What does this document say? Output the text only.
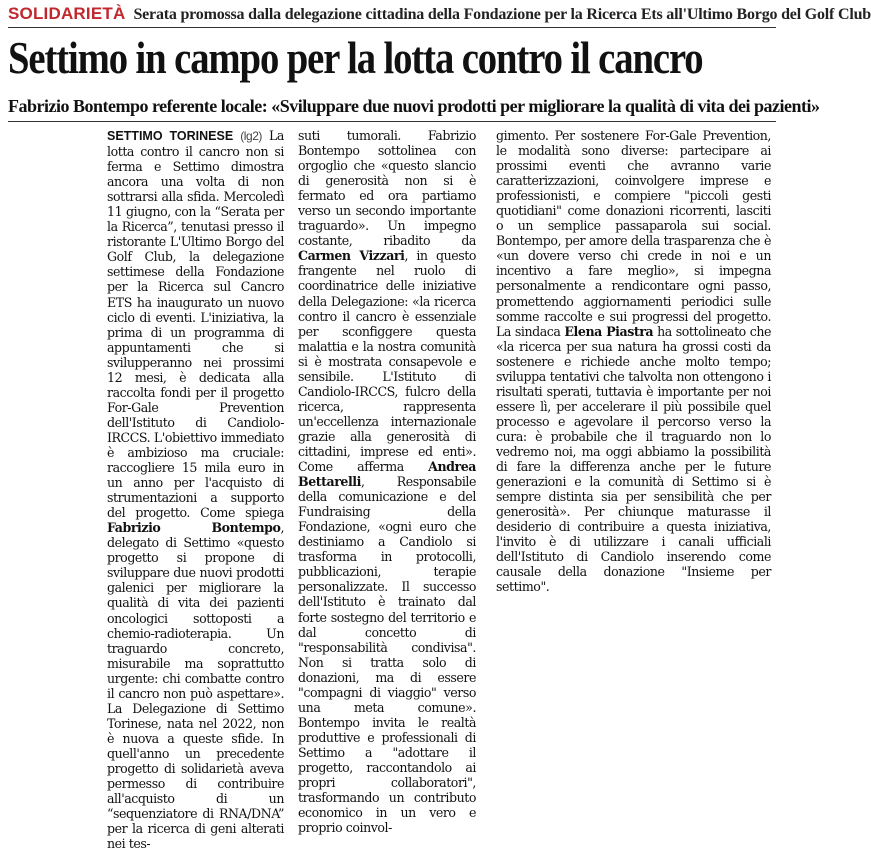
SOLIDARIETÀ Serata promossa dalla delegazione cittadina della Fondazione per la Ricerca Ets all'Ultimo Borgo del Golf Club
Settimo in campo per la lotta contro il cancro
Fabrizio Bontempo referente locale: «Sviluppare due nuovi prodotti per migliorare la qualità di vita dei pazienti»

SETTIMO TORINESE (lg2) La lotta contro il cancro non si ferma e Settimo dimostra ancora una volta di non sottrarsi alla sfida. Mercoledì 11 giugno, con la “Serata per la Ricerca”, tenutasi presso il ristorante L'Ultimo Borgo del Golf Club, la delegazione settimese della Fondazione per la Ricerca sul Cancro ETS ha inaugurato un nuovo ciclo di eventi. L'iniziativa, la prima di un programma di appuntamenti che si svilupperanno nei prossimi 12 mesi, è dedicata alla raccolta fondi per il progetto For-Gale Prevention dell'Istituto di Candiolo-IRCCS. L'obiettivo immediato è ambizioso ma cruciale: raccogliere 15 mila euro in un anno per l'acquisto di strumentazioni a supporto del progetto. Come spiega Fabrizio Bontempo, delegato di Settimo «questo progetto si propone di sviluppare due nuovi prodotti galenici per migliorare la qualità di vita dei pazienti oncologici sottoposti a chemio-radioterapia. Un traguardo concreto, misurabile ma soprattutto urgente: chi combatte contro il cancro non può aspettare». La Delegazione di Settimo Torinese, nata nel 2022, non è nuova a queste sfide. In quell'anno un precedente progetto di solidarietà aveva permesso di contribuire all'acquisto di un “sequenziatore di RNA/DNA” per la ricerca di geni alterati nei tes-

suti tumorali. Fabrizio Bontempo sottolinea con orgoglio che «questo slancio di generosità non si è fermato ed ora partiamo verso un secondo importante traguardo». Un impegno costante, ribadito da Carmen Vizzari, in questo frangente nel ruolo di coordinatrice delle iniziative della Delegazione: «la ricerca contro il cancro è essenziale per sconfiggere questa malattia e la nostra comunità si è mostrata consapevole e sensibile. L'Istituto di Candiolo-IRCCS, fulcro della ricerca, rappresenta un'eccellenza internazionale grazie alla generosità di cittadini, imprese ed enti». Come afferma Andrea Bettarelli, Responsabile della comunicazione e del Fundraising della Fondazione, «ogni euro che destiniamo a Candiolo si trasforma in protocolli, pubblicazioni, terapie personalizzate. Il successo dell'Istituto è trainato dal forte sostegno del territorio e dal concetto di "responsabilità condivisa". Non si tratta solo di donazioni, ma di essere "compagni di viaggio" verso una meta comune». Bontempo invita le realtà produttive e professionali di Settimo a "adottare il progetto, raccontandolo ai propri collaboratori", trasformando un contributo economico in un vero e proprio coinvol-

gimento. Per sostenere For-Gale Prevention, le modalità sono diverse: partecipare ai prossimi eventi che avranno varie caratterizzazioni, coinvolgere imprese e professionisti, e compiere "piccoli gesti quotidiani" come donazioni ricorrenti, lasciti o un semplice passaparola sui social. Bontempo, per amore della trasparenza che è «un dovere verso chi crede in noi e un incentivo a fare meglio», si impegna personalmente a rendicontare ogni passo, promettendo aggiornamenti periodici sulle somme raccolte e sui progressi del progetto. La sindaca Elena Piastra ha sottolineato che «la ricerca per sua natura ha grossi costi da sostenere e richiede anche molto tempo; sviluppa tentativi che talvolta non ottengono i risultati sperati, tuttavia è importante per noi essere lì, per accelerare il più possibile quel processo e agevolare il percorso verso la cura: è probabile che il traguardo non lo vedremo noi, ma oggi abbiamo la possibilità di fare la differenza anche per le future generazioni e la comunità di Settimo si è sempre distinta sia per sensibilità che per generosità». Per chiunque maturasse il desiderio di contribuire a questa iniziativa, l'invito è di utilizzare i canali ufficiali dell'Istituto di Candiolo inserendo come causale della donazione "Insieme per settimo".
